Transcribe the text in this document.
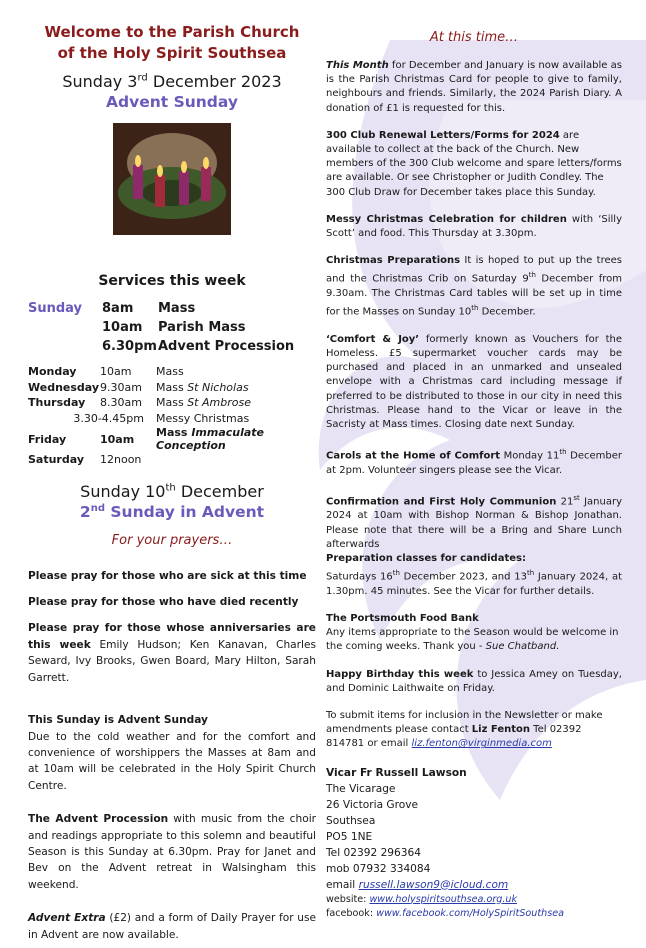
Welcome to the Parish Church
of the Holy Spirit Southsea
Sunday 3rd December 2023
Advent Sunday
Services this week
Sunday	8am	Mass
	10am	Parish Mass
	6.30pm	Advent Procession
Monday	10am	Mass
Wednesday	9.30am	Mass St Nicholas
Thursday	8.30am	Mass St Ambrose
3.30-4.45pm		Messy Christmas
Friday	10am	Mass Immaculate Conception
Saturday	12noon	
Sunday 10th December
2nd Sunday in Advent
For your prayers…

Please pray for those who are sick at this time

Please pray for those who have died recently

Please pray for those whose anniversaries are this week Emily Hudson; Ken Kanavan, Charles Seward, Ivy Brooks, Gwen Board, Mary Hilton, Sarah Garrett.

This Sunday is Advent Sunday

Due to the cold weather and for the comfort and convenience of worshippers the Masses at 8am and at 10am will be celebrated in the Holy Spirit Church Centre.

The Advent Procession with music from the choir and readings appropriate to this solemn and beautiful Season is this Sunday at 6.30pm. Pray for Janet and Bev on the Advent retreat in Walsingham this weekend.

Advent Extra (£2) and a form of Daily Prayer for use in Advent are now available.

At this time…

This Month for December and January is now available as is the Parish Christmas Card for people to give to family, neighbours and friends. Similarly, the 2024 Parish Diary. A donation of £1 is requested for this.

300 Club Renewal Letters/Forms for 2024 are available to collect at the back of the Church. New members of the 300 Club welcome and spare letters/forms are available. Or see Christopher or Judith Condley. The 300 Club Draw for December takes place this Sunday.

Messy Christmas Celebration for children with ‘Silly Scott’ and food. This Thursday at 3.30pm.

Christmas Preparations It is hoped to put up the trees and the Christmas Crib on Saturday 9th December from 9.30am. The Christmas Card tables will be set up in time for the Masses on Sunday 10th December.

‘Comfort & Joy’ formerly known as Vouchers for the Homeless. £5 supermarket voucher cards may be purchased and placed in an unmarked and unsealed envelope with a Christmas card including message if preferred to be distributed to those in our city in need this Christmas. Please hand to the Vicar or leave in the Sacristy at Mass times. Closing date next Sunday.

Carols at the Home of Comfort Monday 11th December at 2pm. Volunteer singers please see the Vicar.

Confirmation and First Holy Communion 21st January 2024 at 10am with Bishop Norman & Bishop Jonathan. Please note that there will be a Bring and Share Lunch afterwards

Preparation classes for candidates:

Saturdays 16th December 2023, and 13th January 2024, at 1.30pm. 45 minutes. See the Vicar for further details.

The Portsmouth Food Bank

Any items appropriate to the Season would be welcome in the coming weeks. Thank you - Sue Chatband.

Happy Birthday this week to Jessica Amey on Tuesday, and Dominic Laithwaite on Friday.

To submit items for inclusion in the Newsletter or make amendments please contact Liz Fenton Tel 02392 814781 or email liz.fenton@virginmedia.com

Vicar Fr Russell Lawson

The Vicarage

26 Victoria Grove

Southsea

PO5 1NE

Tel 02392 296364

mob 07932 334084

email russell.lawson9@icloud.com

website: www.holyspiritsouthsea.org.uk

facebook: www.facebook.com/HolySpiritSouthsea
